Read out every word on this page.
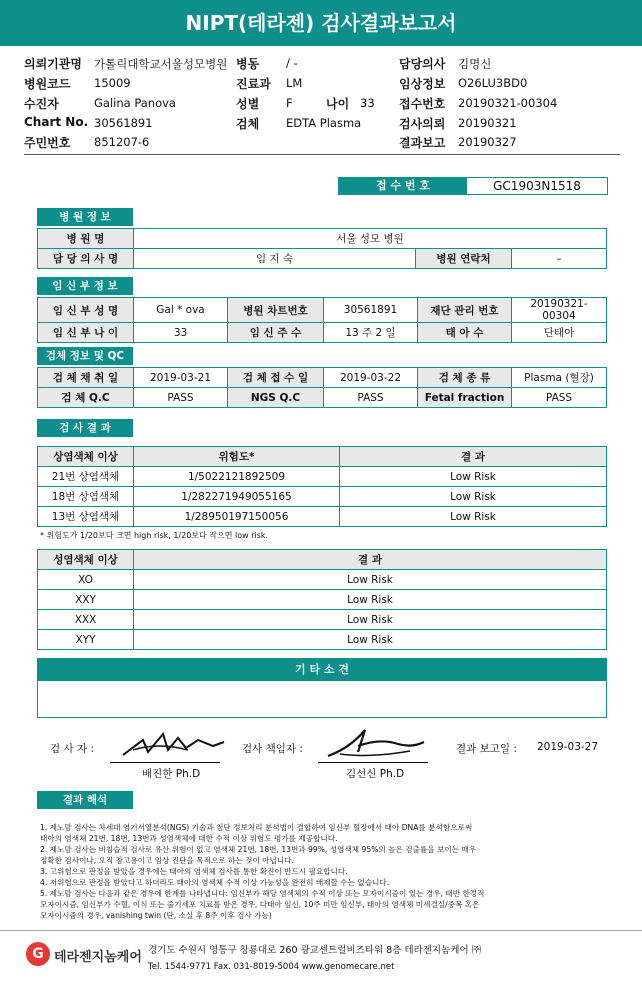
NIPT(테라젠) 검사결과보고서
의뢰기관명 가톨릭대학교서울성모병원 병동 / -	담당의사 김명신
병원코드 15009	진료과 LM	임상정보 O26LU3BD0
수진자	Galina Panova	성별 F	나이 33 접수번호 20190321-00304
Chart No. 30561891	검체 EDTA Plasma	검사의뢰 20190321
주민번호 851207-6	결과보고 20190327
접 수 번 호	GC1903N1518
병 원 정 보
병 원 명	서울 성모 병원		
담 당 의 사 명	임 지 숙	병원 연락처	–
임 신 부 정 보
임 신 부 성 명	Gal * ova	병원 차트번호	30561891	재단 관리 번호	20190321-00304
임 신 부 나 이	33	임 신 주 수	13 주 2 일	태 아 수	단태아
검체 정보 및 QC
검 체 채 취 일	2019-03-21	검 체 접 수 일	2019-03-22	검 체 종 류	Plasma (혈장)
검 체 Q.C	PASS	NGS Q.C	PASS	Fetal fraction	PASS
검 사 결 과
상염색체 이상	위험도*	결 과
21번 상염색체	1/5022121892509	Low Risk
18번 상염색체	1/282271949055165	Low Risk
13번 상염색체	1/28950197150056	Low Risk
* 위험도가 1/20보다 크면 high risk, 1/20보다 작으면 low risk.
성염색체 이상	결 과
XO	Low Risk
XXY	Low Risk
XXX	Low Risk
XYY	Low Risk
기 타 소 견
검 사 자 :
배진한 Ph.D
검사 책임자 :
김선신 Ph.D
결과 보고일 : 2019-03-27
결과 해석
1. 제노맘 검사는 차세대 염기서열분석(NGS) 기술과 첨단 정보처리 분석법이 결합하여 임신부 혈장에서 태아 DNA를 분석함으로써
태아의 염색체 21번, 18번, 13번과 성염색체에 대한 수적 이상 위험도 평가를 제공합니다.
2. 제노맘 검사는 비침습적 검사로 유산 위험이 없고 염색체 21번, 18번, 13번과 99%, 성염색체 95%의 높은 검출률을 보이는 매우
정확한 검사이나, 오직 참고용이고 임상 진단을 목적으로 하는 것이 아닙니다.
3. 고위험으로 판정을 받았을 경우에는 태아의 염색체 검사를 통한 확진이 반드시 필요합니다.
4. 저위험으로 판정을 받았다고 하더라도 태아의 염색체 수적 이상 가능성을 완전히 배제할 수는 없습니다.
5. 제노맘 검사는 다음과 같은 경우에 한계를 나타냅니다: 임신부가 해당 염색체의 수적 이상 또는 모자이시즘이 있는 경우, 태반 한정적
모자이시즘, 임신부가 수혈, 이식 또는 줄기세포 치료를 받은 경우, 다태아 임신, 10주 미만 임신부, 태아의 염색체 미세결실/중복 혹은
모자이시즘의 경우, vanishing twin (단, 소실 후 8주 이후 검사 가능)
G 테라젠지놈케어 경기도 수원시 영통구 창룡대로 260 광교센트럴비즈타워 8층 테라젠지놈케어 ㈜
Tel. 1544-9771 Fax. 031-8019-5004 www.genomecare.net
